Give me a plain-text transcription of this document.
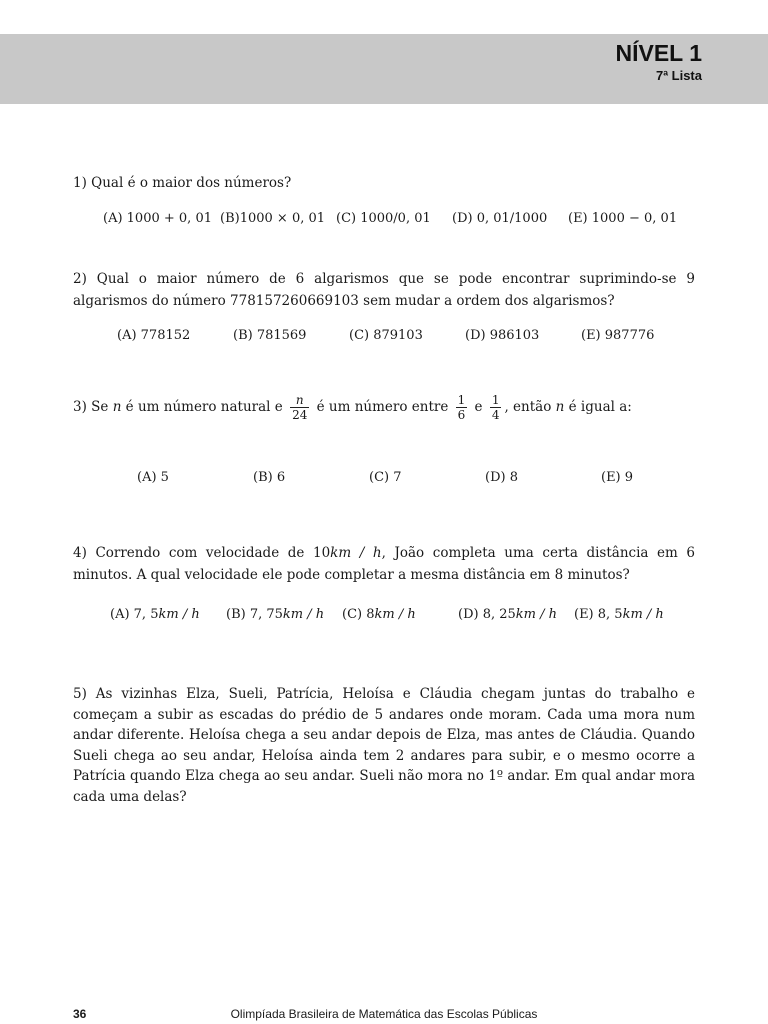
NÍVEL 1
7ª Lista
1) Qual é o maior dos números?
(A) 1000 + 0, 01 (B)1000 × 0, 01 (C) 1000/0, 01 (D) 0, 01/1000 (E) 1000 − 0, 01
2) Qual o maior número de 6 algarismos que se pode encontrar suprimindo-se 9 algarismos do número 778157260669103 sem mudar a ordem dos algarismos?
(A) 778152	(B) 781569	(C) 879103	(D) 986103	(E) 987776
3) Se n é um número natural e $\frac{n}{24}$ é um número entre $\frac{1}{6}$ e $\frac{1}{4}$ , então n é igual a:
(A) 5	(B) 6	(C) 7	(D) 8	(E) 9
4) Correndo com velocidade de 10km / h, João completa uma certa distância em 6 minutos. A qual velocidade ele pode completar a mesma distância em 8 minutos?
(A) 7, 5km / h (B) 7, 75km / h (C) 8km / h	(D) 8, 25km / h (E) 8, 5km / h
5) As vizinhas Elza, Sueli, Patrícia, Heloísa e Cláudia chegam juntas do trabalho e começam a subir as escadas do prédio de 5 andares onde moram. Cada uma mora num andar diferente. Heloísa chega a seu andar depois de Elza, mas antes de Cláudia. Quando Sueli chega ao seu andar, Heloísa ainda tem 2 andares para subir, e o mesmo ocorre a Patrícia quando Elza chega ao seu andar. Sueli não mora no 1º andar. Em qual andar mora cada uma delas?
Olimpíada Brasileira de Matemática das Escolas Públicas
36
